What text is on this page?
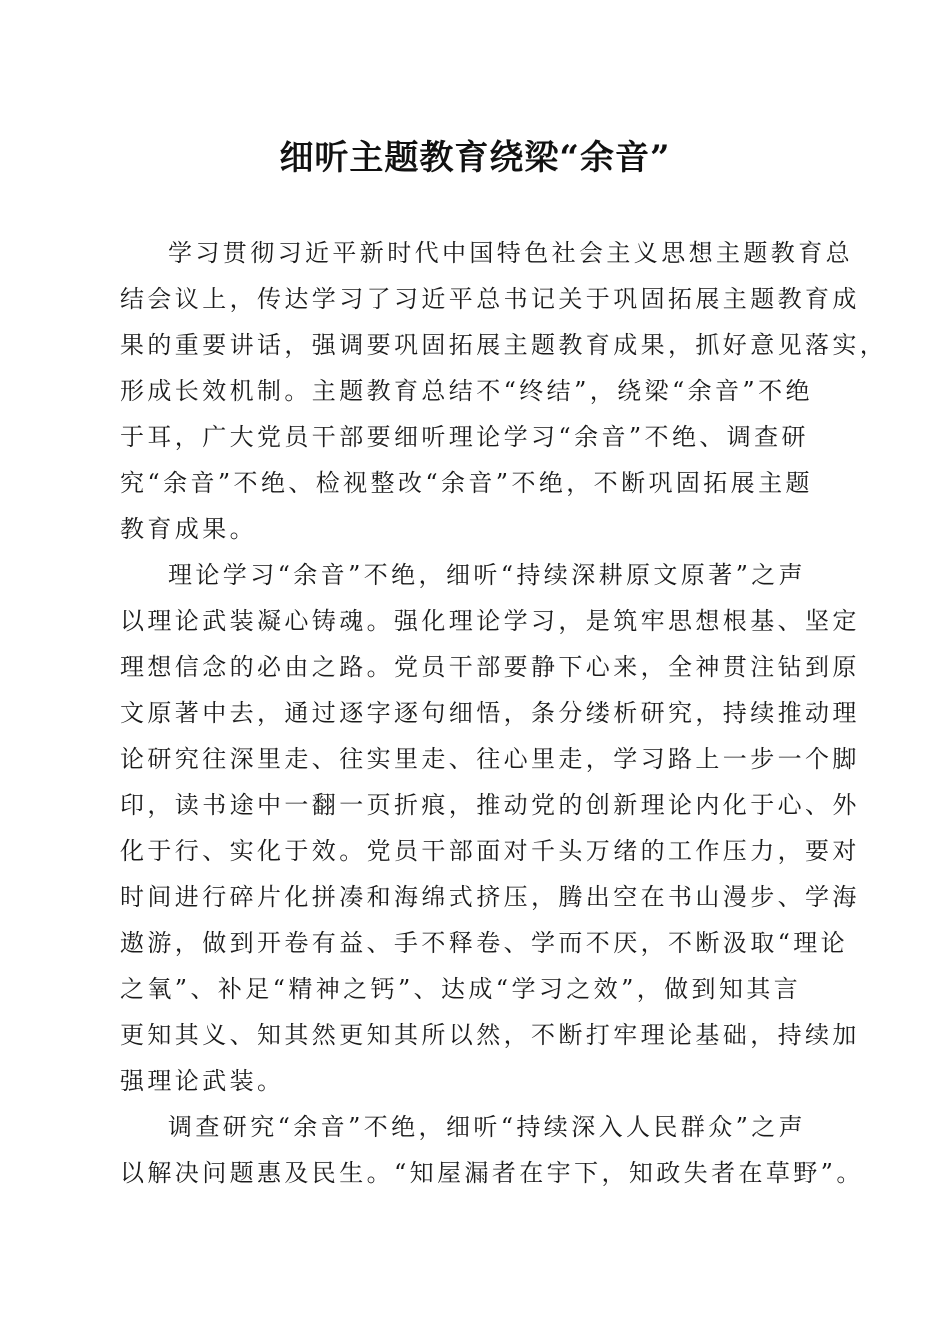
细听主题教育绕梁“余音”
学习贯彻习近平新时代中国特色社会主义思想主题教育总
结会议上，传达学习了习近平总书记关于巩固拓展主题教育成
果的重要讲话，强调要巩固拓展主题教育成果，抓好意见落实，
形成长效机制。主题教育总结不“终结”，绕梁“余音”不绝
于耳，广大党员干部要细听理论学习“余音”不绝、调查研
究“余音”不绝、检视整改“余音”不绝，不断巩固拓展主题
教育成果。
理论学习“余音”不绝，细听“持续深耕原文原著”之声
以理论武装凝心铸魂。强化理论学习，是筑牢思想根基、坚定
理想信念的必由之路。党员干部要静下心来，全神贯注钻到原
文原著中去，通过逐字逐句细悟，条分缕析研究，持续推动理
论研究往深里走、往实里走、往心里走，学习路上一步一个脚
印，读书途中一翻一页折痕，推动党的创新理论内化于心、外
化于行、实化于效。党员干部面对千头万绪的工作压力，要对
时间进行碎片化拼凑和海绵式挤压，腾出空在书山漫步、学海
遨游，做到开卷有益、手不释卷、学而不厌，不断汲取“理论
之氧”、补足“精神之钙”、达成“学习之效”，做到知其言
更知其义、知其然更知其所以然，不断打牢理论基础，持续加
强理论武装。
调查研究“余音”不绝，细听“持续深入人民群众”之声
以解决问题惠及民生。“知屋漏者在宇下，知政失者在草野”。
